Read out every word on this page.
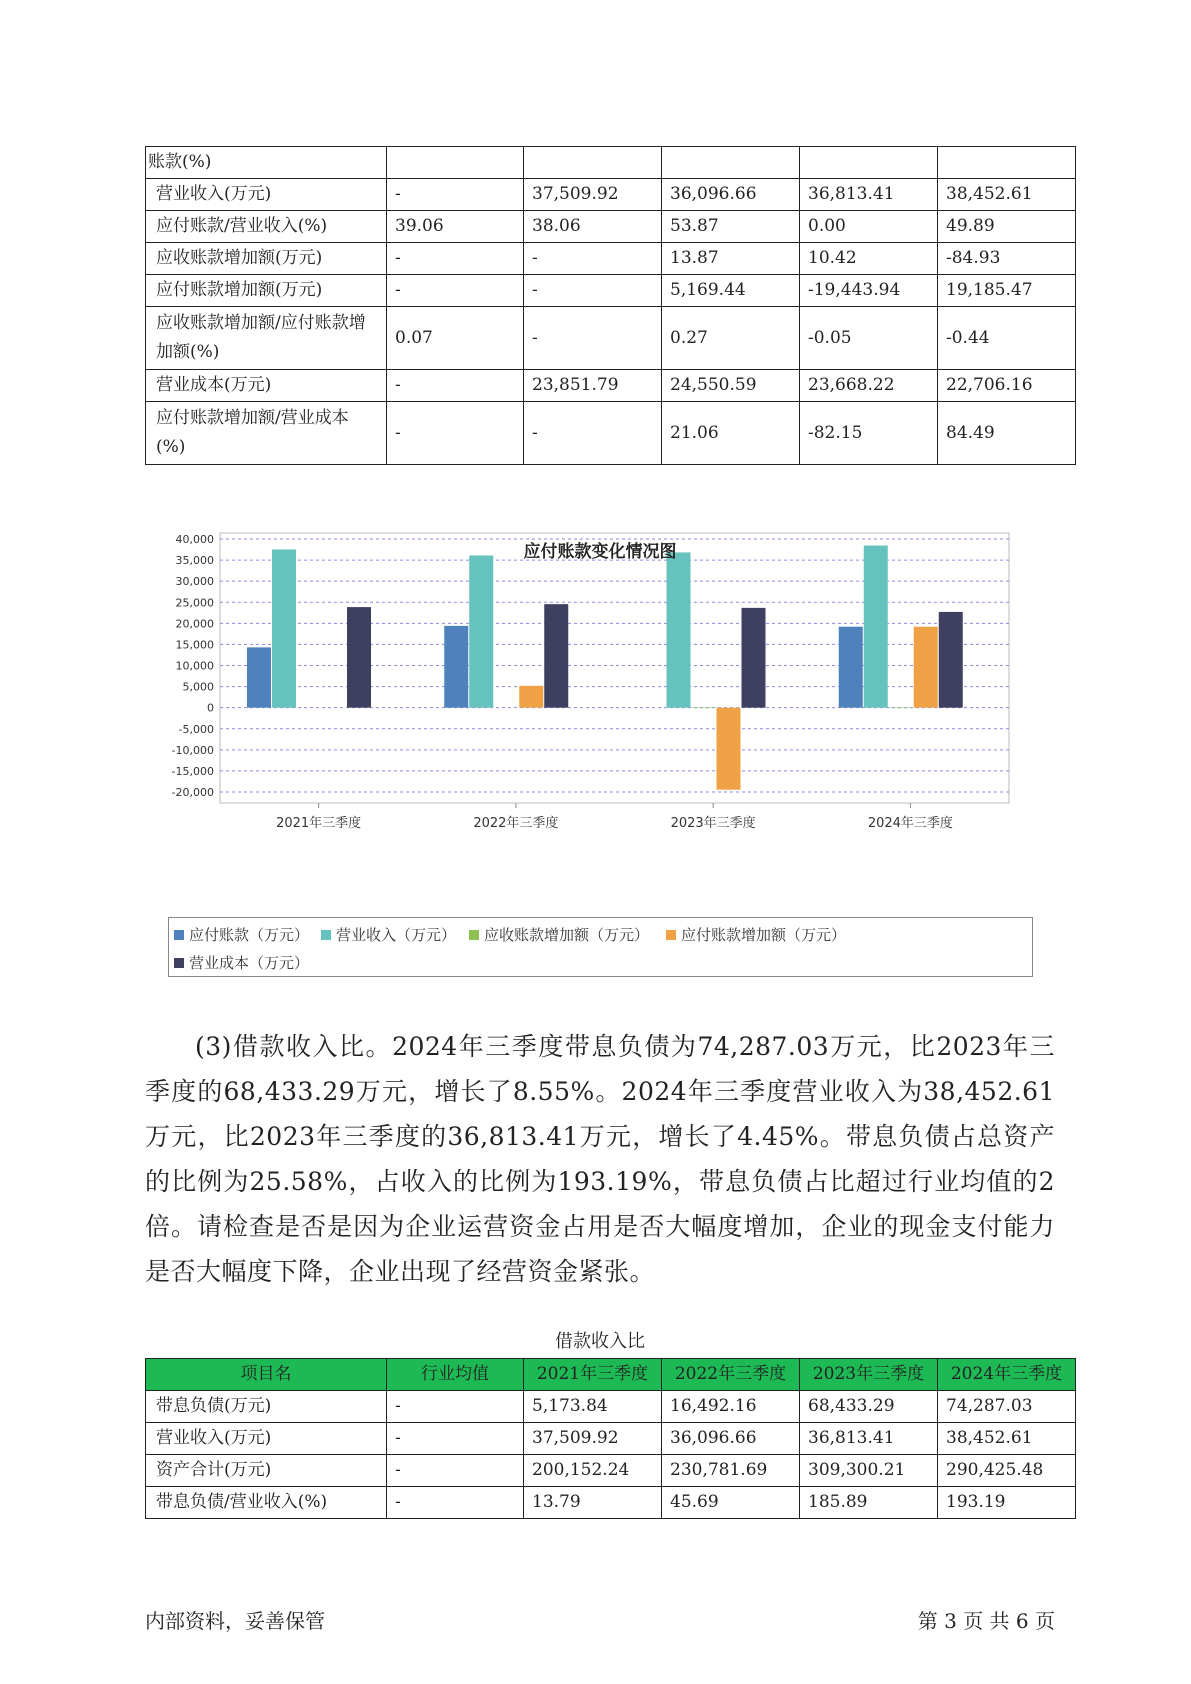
账款(%)					
营业收入(万元)	-	37,509.92	36,096.66	36,813.41	38,452.61
应付账款/营业收入(%)	39.06	38.06	53.87	0.00	49.89
应收账款增加额(万元)	-	-	13.87	10.42	-84.93
应付账款增加额(万元)	-	-	5,169.44	-19,443.94	19,185.47
应收账款增加额/应付账款增加额(%)	0.07	-	0.27	-0.05	-0.44
营业成本(万元)	-	23,851.79	24,550.59	23,668.22	22,706.16
应付账款增加额/营业成本(%)	-	-	21.06	-82.15	84.49
40,000
35,000
30,000
25,000
20,000
15,000
10,000
5,000
0
-5,000
-10,000
-15,000
-20,000
2021年三季度	2022年三季度	2023年三季度	2024年三季度
应付账款变化情况图
应付账款（万元） 营业收入（万元） 应收账款增加额（万元） 应付账款增加额（万元）
营业成本（万元）
(3)借款收入比。2024年三季度带息负债为74,287.03万元，比2023年三季度的68,433.29万元，增长了8.55%。2024年三季度营业收入为38,452.61万元，比2023年三季度的36,813.41万元，增长了4.45%。带息负债占总资产的比例为25.58%，占收入的比例为193.19%，带息负债占比超过行业均值的2倍。请检查是否是因为企业运营资金占用是否大幅度增加，企业的现金支付能力是否大幅度下降，企业出现了经营资金紧张。
借款收入比
项目名	行业均值	2021年三季度	2022年三季度	2023年三季度	2024年三季度
带息负债(万元)	-	5,173.84	16,492.16	68,433.29	74,287.03
营业收入(万元)	-	37,509.92	36,096.66	36,813.41	38,452.61
资产合计(万元)	-	200,152.24	230,781.69	309,300.21	290,425.48
带息负债/营业收入(%)	-	13.79	45.69	185.89	193.19
内部资料，妥善保管	第 3 页 共 6 页
